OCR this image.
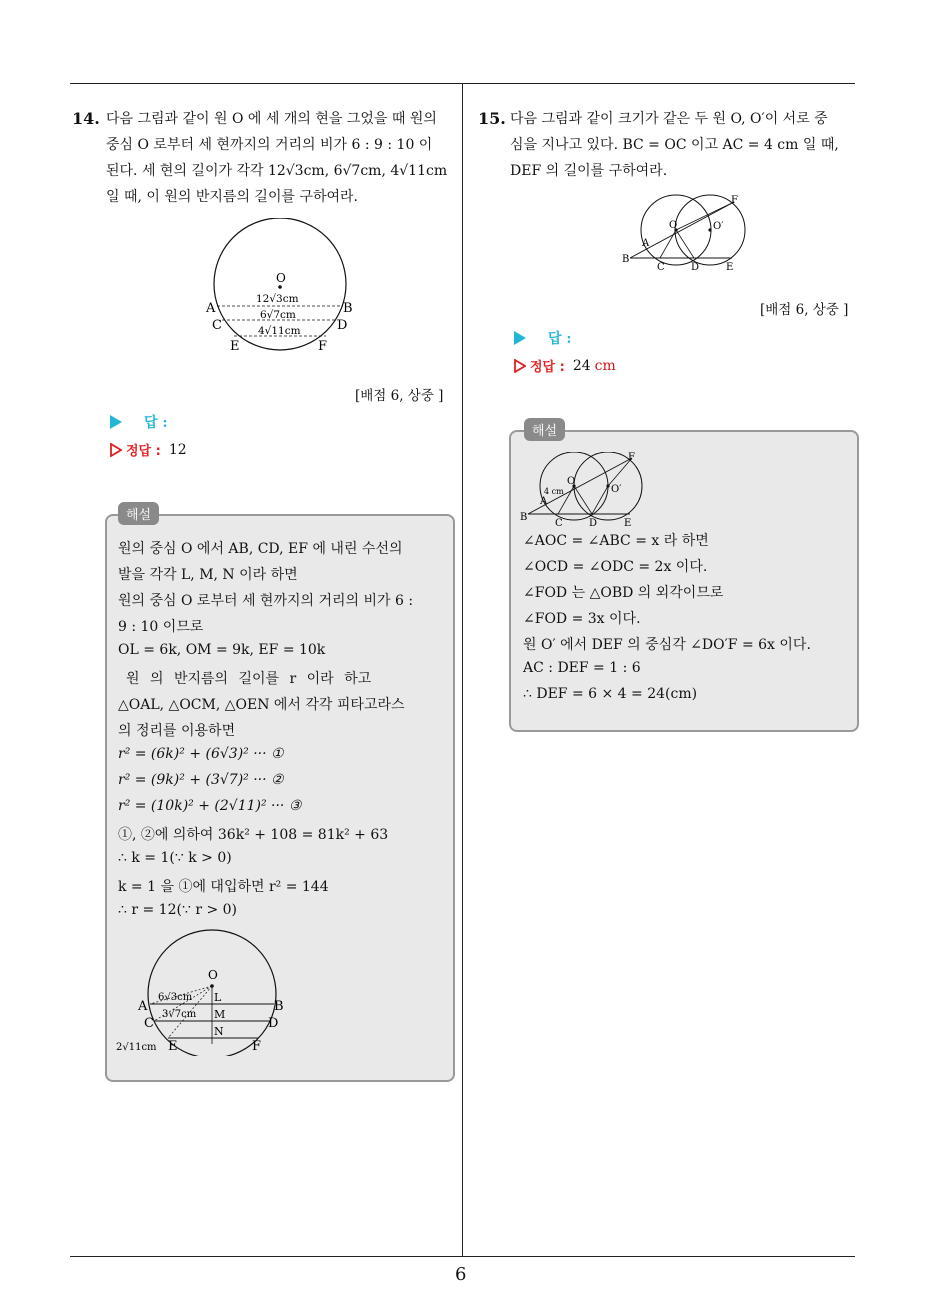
14. 다음 그림과 같이 원 O 에 세 개의 현을 그었을 때 원의
중심 O 로부터 세 현까지의 거리의 비가 6 : 9 : 10 이
된다. 세 현의 길이가 각각 12√3cm, 6√7cm, 4√11cm
일 때, 이 원의 반지름의 길이를 구하여라.
O
A	B
C	D
E	F
12√3cm
6√7cm
4√11cm
[배점 6, 상중 ]
답 :
정답 : 12
해설
원의 중심 O 에서 AB, CD, EF 에 내린 수선의
발을 각각 L, M, N 이라 하면
원의 중심 O 로부터 세 현까지의 거리의 비가 6 :
9 : 10 이므로
OL = 6k, OM = 9k, EF = 10k
원 의 반지름의 길이를 r 이라 하고
△OAL, △OCM, △OEN 에서 각각 피타고라스
의 정리를 이용하면
r² = (6k)² + (6√3)² ··· ①
r² = (9k)² + (3√7)² ··· ②
r² = (10k)² + (2√11)² ··· ③
①, ②에 의하여 36k² + 108 = 81k² + 63
∴ k = 1(∵ k > 0)
k = 1 을 ①에 대입하면 r² = 144
∴ r = 12(∵ r > 0)
O
A	B
C	D
E	F
L
M
N
6√3cm
3√7cm
2√11cm
15. 다음 그림과 같이 크기가 같은 두 원 O, O′이 서로 중
심을 지나고 있다. BC = OC 이고 AC = 4 cm 일 때,
DEF 의 길이를 구하여라.
O	O′
A
B
C	D	E
F
[배점 6, 상중 ]
답 :
정답 : 24 cm
해설
O
O′
A
B
C	D	E
F
4 cm
∠AOC = ∠ABC = x 라 하면
∠OCD = ∠ODC = 2x 이다.
∠FOD 는 △OBD 의 외각이므로
∠FOD = 3x 이다.
원 O′ 에서 DEF 의 중심각 ∠DO′F = 6x 이다.
AC : DEF = 1 : 6
∴ DEF = 6 × 4 = 24(cm)
6
